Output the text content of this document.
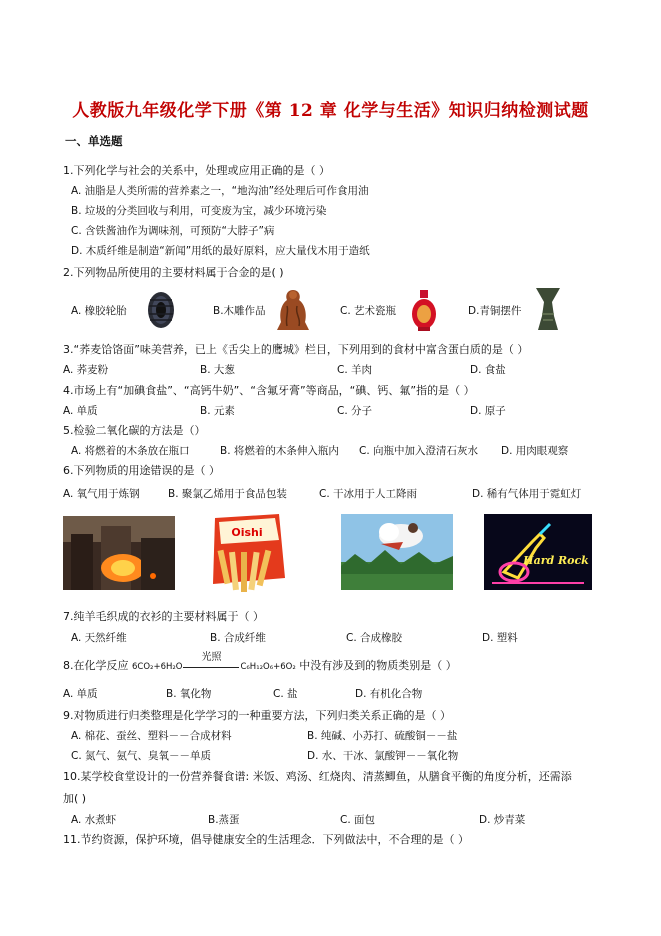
人教版九年级化学下册《第 12 章 化学与生活》知识归纳检测试题
一、单选题
1.下列化学与社会的关系中，处理或应用正确的是（ ）
A. 油脂是人类所需的营养素之一，“地沟油”经处理后可作食用油
B. 垃圾的分类回收与利用，可变废为宝，减少环境污染
C. 含铁酱油作为调味剂，可预防“大脖子”病
D. 木质纤维是制造“新闻”用纸的最好原料，应大量伐木用于造纸
2.下列物品所使用的主要材料属于合金的是( )
A. 橡胶轮胎	B.木雕作品	C. 艺术瓷瓶	D.青铜摆件
3.“荞麦饸饹面”味美营养，已上《舌尖上的鹰城》栏目，下列用到的食材中富含蛋白质的是（ ）
A. 荞麦粉	B. 大葱	C. 羊肉	D. 食盐
4.市场上有“加碘食盐”、“高钙牛奶”、“含氟牙膏”等商品，“碘、钙、氟”指的是（ ）
A. 单质	B. 元素	C. 分子	D. 原子
5.检验二氧化碳的方法是（）
A. 将燃着的木条放在瓶口	B. 将燃着的木条伸入瓶内 C. 向瓶中加入澄清石灰水 D. 用肉眼观察
6.下列物质的用途错误的是（ ）
A. 氧气用于炼钢	B. 聚氯乙烯用于食品包装	C. 干冰用于人工降雨	D. 稀有气体用于霓虹灯
Oishi
Hard Rock
7.纯羊毛织成的衣衫的主要材料属于（ ）
A. 天然纤维	B. 合成纤维	C. 合成橡胶	D. 塑料
8.在化学反应 6CO₂+6H₂O
光照
C₆H₁₂O₆+6O₂ 中没有涉及到的物质类别是（ ）
A. 单质	B. 氧化物	C. 盐	D. 有机化合物
9.对物质进行归类整理是化学学习的一种重要方法，下列归类关系正确的是（ ）
A. 棉花、蚕丝、塑料－－合成材料	B. 纯碱、小苏打、硫酸铜－－盐
C. 氮气、氨气、臭氧－－单质	D. 水、干冰、氯酸钾－－氧化物
10.某学校食堂设计的一份营养餐食谱: 米饭、鸡汤、红烧肉、清蒸鲫鱼，从膳食平衡的角度分析，还需添
加( )
A. 水煮虾	B.蒸蛋	C. 面包	D. 炒青菜
11.节约资源，保护环境，倡导健康安全的生活理念．下列做法中，不合理的是（ ）
